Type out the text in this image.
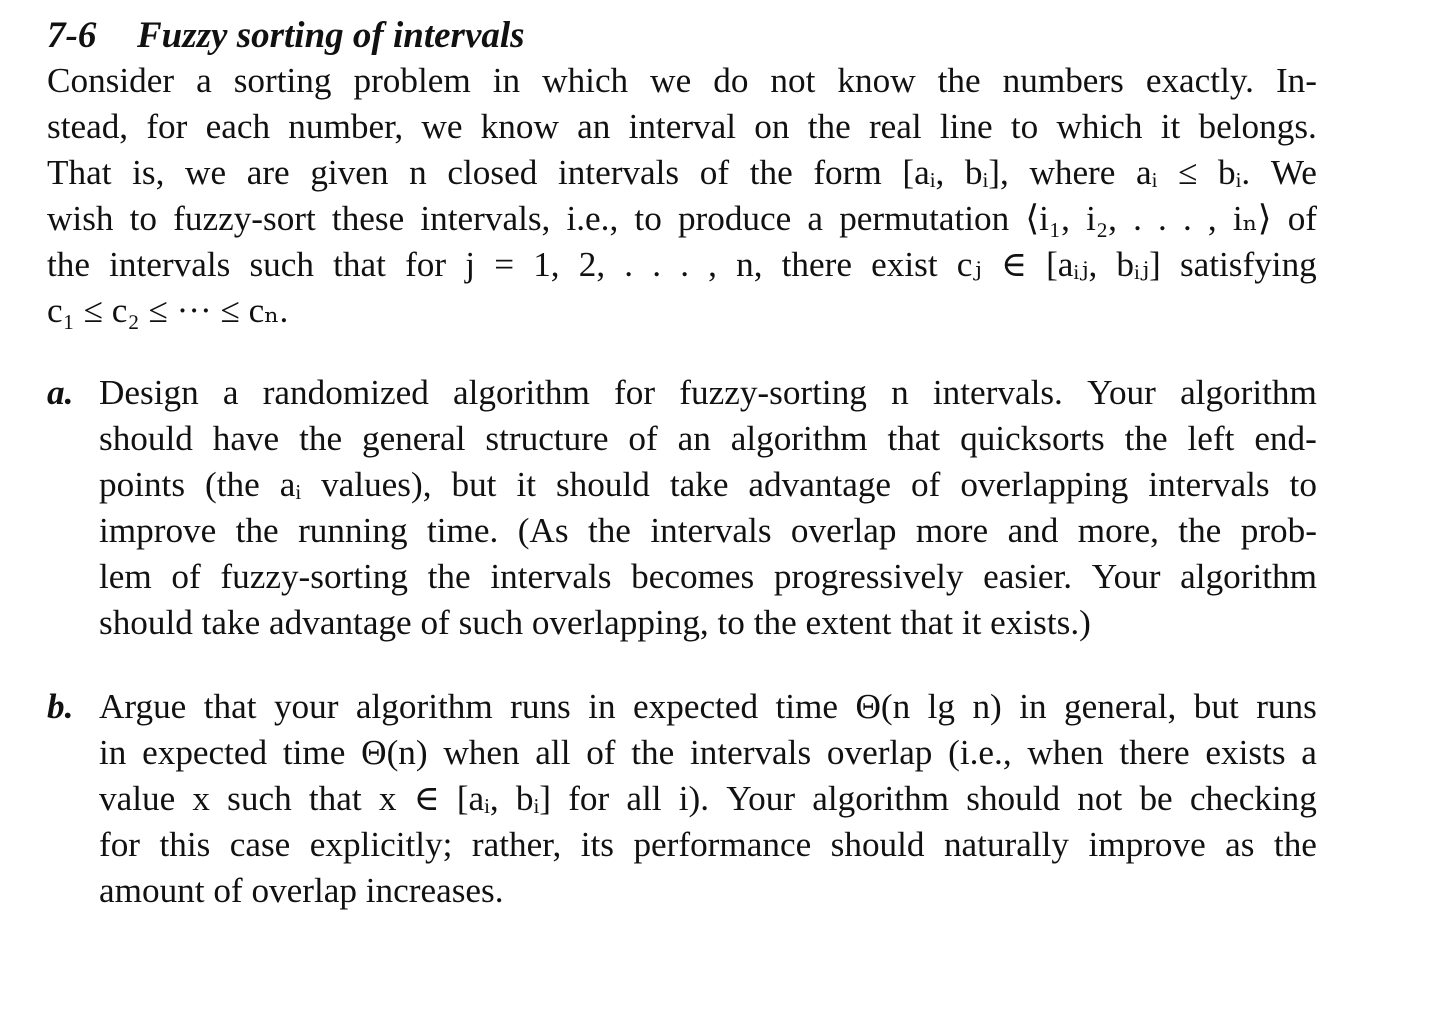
7-6 Fuzzy sorting of intervals
Consider a sorting problem in which we do not know the numbers exactly. In-
stead, for each number, we know an interval on the real line to which it belongs.
That is, we are given n closed intervals of the form [aᵢ, bᵢ], where aᵢ ≤ bᵢ. We
wish to fuzzy-sort these intervals, i.e., to produce a permutation ⟨i₁, i₂, . . . , iₙ⟩ of
the intervals such that for j = 1, 2, . . . , n, there exist cⱼ ∈ [aᵢⱼ, bᵢⱼ] satisfying
c₁ ≤ c₂ ≤ ··· ≤ cₙ.
a. Design a randomized algorithm for fuzzy-sorting n intervals. Your algorithm
should have the general structure of an algorithm that quicksorts the left end-
points (the aᵢ values), but it should take advantage of overlapping intervals to
improve the running time. (As the intervals overlap more and more, the prob-
lem of fuzzy-sorting the intervals becomes progressively easier. Your algorithm
should take advantage of such overlapping, to the extent that it exists.)
b. Argue that your algorithm runs in expected time Θ(n lg n) in general, but runs
in expected time Θ(n) when all of the intervals overlap (i.e., when there exists a
value x such that x ∈ [aᵢ, bᵢ] for all i). Your algorithm should not be checking
for this case explicitly; rather, its performance should naturally improve as the
amount of overlap increases.
